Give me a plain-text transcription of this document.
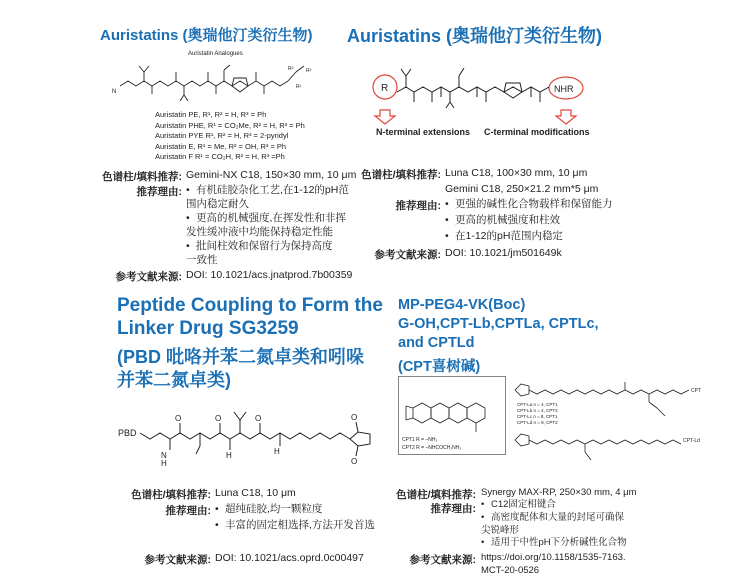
Auristatins (奥瑞他汀类衍生物)
Auristatin Analogues
N
R²	R³
R¹
Auristatin PE, R¹, R² = H, R³ = Ph
Auristatin PHE, R¹ = CO₂Me, R² = H, R³ = Ph
Auristatin PYE R¹, R² = H, R³ = 2-pyridyl
Auristatin E, R¹ = Me, R² = OH, R³ = Ph
Auristatin F R¹ = CO₂H, R² = H, R³ =Ph
色谱柱/填料推荐: Gemini-NX C18, 150×30 mm, 10 μm
推荐理由: • 有机硅胶杂化工艺,在1-12的pH范围内稳定耐久
• 更高的机械强度,在挥发性和非挥发性缓冲液中均能保持稳定性能
• 批间柱效和保留行为保持高度一致性
参考文献来源: DOI: 10.1021/acs.jnatprod.7b00359
Auristatins (奥瑞他汀类衍生物)
R	NHR
N-terminal extensions C-terminal modifications
色谱柱/填料推荐: Luna C18, 100×30 mm, 10 μm
Gemini C18, 250×21.2 mm*5 μm
推荐理由: • 更强的碱性化合物载样和保留能力
• 更高的机械强度和柱效
• 在1-12的pH范围内稳定
参考文献来源: DOI: 10.1021/jm501649k
Peptide Coupling to Form the
Linker Drug SG3259
(PBD 吡咯并苯二氮卓类和吲哚
并苯二氮卓类)
PBD
N
H
O	O
H
O
H
O
O
色谱柱/填料推荐: Luna C18, 10 μm
推荐理由: • 超纯硅胶,均一颗粒度
• 丰富的固定相选择,方法开发首选
参考文献来源: DOI: 10.1021/acs.oprd.0c00497
MP-PEG4-VK(Boc)
G-OH,CPT-Lb,CPTLa, CPTLc,
and CPTLd
(CPT喜树碱)
CPT1 R = –NH₂
CPT2 R = –NHCOCH₂NH₂
CPT
CPT-La n = 4, CPT1
CPT-Lb n = 4, CPT2
CPT-Lc n = 8, CPT1
CPT-Ld n = 8, CPT2
CPT-Ld
色谱柱/填料推荐: Synergy MAX-RP, 250×30 mm, 4 μm
推荐理由: • C12固定相键合
• 高密度配体和大量的封尾可确保尖锐峰形
• 适用于中性pH下分析碱性化合物
参考文献来源: https://doi.org/10.1158/1535-7163.
MCT-20-0526
